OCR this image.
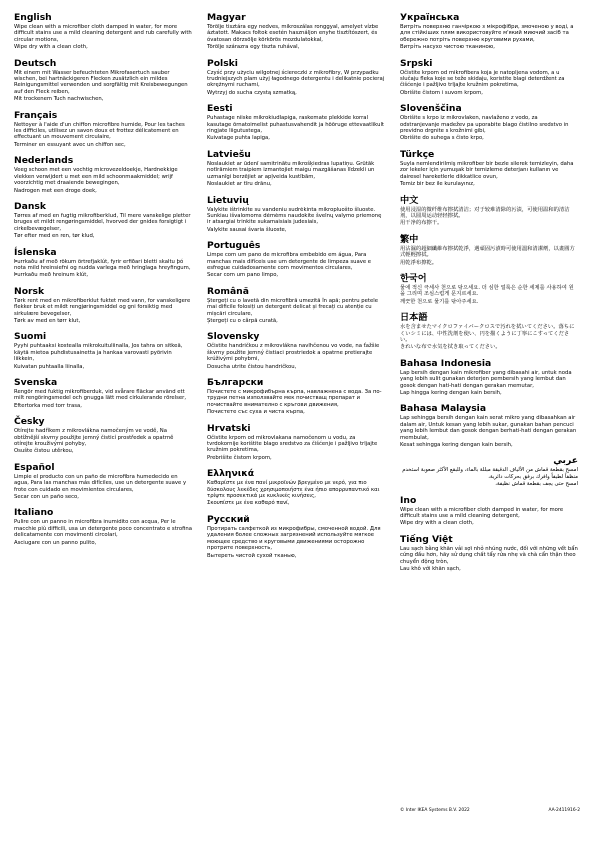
English
Wipe clean with a microfiber cloth damped in water, for more difficult stains use a mild cleaning detergent and rub carefully with circular motions,
Wipe dry with a clean cloth,
Deutsch
Mit einem mit Wasser befeuchteten Mikrofasertuch sauber wischen, bei hartnäckigeren Flecken zusätzlich ein mildes Reinigungsmittel verwenden und sorgfältig mit Kreisbewegungen auf den Fleck reiben,
Mit trockenem Tuch nachwischen,
Français
Nettoyer à l'aide d'un chiffon microfibre humide, Pour les taches les difficiles, utilisez un savon doux et frottez délicatement en effectuant un mouvement circulaire,
Terminer en essuyant avec un chiffon sec,
Nederlands
Veeg schoon met een vochtig microvezeldoekje, Hardnekkige vlekken verwijdert u met een mild schoonmaakmiddel; wrijf voorzichtig met draaiende bewegingen,
Nadrogen met een droge doek,
Dansk
Tørres af med en fugtig mikrofiberklud, Til mere vanskelige pletter bruges et mildt rengøringsmiddel, hvorved der gnides forsigtigt i cirkelbevægelser,
Tør efter med en ren, tør klud,
Íslenska
Þurrkaðu af með rökum örtrefjaklút, fyrir erfiðari bletti skaltu þó nota mild hreinsiefni og nudda varlega með hringlaga hreyfingum,
Þurrkaðu með hreinum klút,
Norsk
Tørk rent med en mikrofiberklut fuktet med vann, for vanskeligere flekker bruk et mildt rengjøringsmiddel og gni forsiktig med sirkulære bevegelser,
Tørk av med en tørr klut,
Suomi
Pyyhi puhtaaksi kostealla mikrokuituliinalla, Jos tahra on sitkeä, käytä mietoa puhdistusainetta ja hankaa varovasti pyörivin liikkein,
Kuivatan puhtaalla liinalla,
Svenska
Rengör med fuktig mikrofiberduk, vid svårare fläckar använd ett milt rengöringsmedel och gnugga lätt med cirkulerande rörelser,
Eftertorka med torr trasa,
Česky
Otírejte hadříkem z mikrovlákna namočeným ve vodě, Na obtížnější skvrny použijte jemný čisticí prostředek a opatrně otírejte krouživými pohyby,
Osušte čistou utěrkou,
Español
Limpie el producto con un paño de microfibra humedecido en agua, Para las manchas más difíciles, use un detergente suave y frote con cuidado en movimientos circulares,
Secar con un paño seco,
Italiano
Pulire con un panno in microfibra inumidito con acqua, Per le macchie più difficili, usa un detergente poco concentrato e strofina delicatamente con movimenti circolari,
Asciugare con un panno pulito,
Magyar
Törölje tisztára egy nedves, mikroszálas ronggyal, amelyet vízbe áztatott. Makacs foltok esetén használjon enyhe tisztítószert, és óvatosan dörzsölje körkörös mozdulatokkal,
Törölje szárazra egy tiszta ruhával,
Polski
Czyść przy użyciu wilgotnej ściereczki z mikrofibry, W przypadku trudniejszych plam użyj łagodnego detergentu i delikatnie pocieraj okrężnymi ruchami,
Wytrzyj do sucha czystą szmatką,
Eesti
Puhastage niiske mikrokiudlapiga, raskemate plekkide korral kasutage õrnatoimelist puhastusvahendit ja hõõruge ettevaatlikult ringjate liigutustega,
Kuivatage puhta lapiga,
Latviešu
Noslaukiet ar ūdenī samitrinātu mikrošķiedras lupatiņu. Grūtāk notīrāmiem traipiem izmantojiet maigu mazgāšanas līdzekli un uzmanīgi berzējiet ar apļveida kustībām,
Noslaukiet ar tīru drānu,
Lietuvių
Valykite ištrinkite su vandeniu sudrėkinta mikropluošto šluoste. Sunkiau išvalomoms dėmėms naudokite švelnų valymo priemonę ir atsargiai trinkite sukamaisiais judesiais,
Valykite sausai švaria šluoste,
Português
Limpe com um pano de microfibra embebido em água, Para manchas mais difíceis use um detergente de limpeza suave e esfregue cuidadosamente com movimentos circulares,
Secar com um pano limpo,
Română
Ștergeți cu o lavetă din microfibră umezită în apă; pentru petele mai dificile folosiți un detergent delicat și frecați cu atenție cu mișcări circulare,
Ștergeți cu o cârpă curată,
Slovensky
Očistite handričkou z mikrovlákna navlhčenou vo vode, na ťažšie škvrny použite jemný čistiaci prostriedok a opatrne pretierajte krúživými pohybmi,
Dosucha utrite čistou handričkou,
Български
Почистете с микрофибърна кърпа, навлажнена с вода. За по-трудни петна използвайте мек почистващ препарат и почиствайте внимателно с кръгови движения,
Почистете със суха и чиста кърпа,
Hrvatski
Očistite krpom od mikrovlakana namočenom u vodu, za tvrdokornije korištite blago sredstvo za čišćenje i pažljivo trljajte kružnim pokretima,
Prebrišite čistom krpom,
Ελληνικά
Καθαρίστε με ένα πανί μικροϊνών βρεγμένο με νερό, για πιο δύσκολους λεκέδες χρησιμοποιήστε ένα ήπιο απορρυπαντικό και τρίψτε προσεκτικά με κυκλικές κινήσεις,
Σκουπίστε με ένα καθαρό πανί,
Русский
Протирать салфеткой из микрофибры, смоченной водой. Для удаления более сложных загрязнений используйте мягкое моющее средство и круговыми движениями осторожно протрите поверхность,
Вытереть чистой сухой тканью,
Українська
Витріть поверхню ганчіркою з мікрофібри, змоченою у воді, а для стійкіших плям використовуйте м'який миючий засіб та обережно потріть поверхню круговими рухами,
Витрі́ть насухо чистою тканиною,
Srpski
Očistite krpom od mikrofibera koja je natopljena vodom, a u slučaju fleka koje se teže skidaju, koristite blagi deterdžent za čišćenje i pažljivo trljajte kružnim pokretima,
Obrišite čistom i suvom krpom,
Slovenščina
Obrišite s krpo iz mikrovlaken, navlaženo z vodo, za odstranjevanje madežev pa uporabite blago čistilno sredstvo in previdno drgnite s krožnimi gibi,
Obrišite do suhega s čisto krpo,
Türkçe
Suyla nemlendirilmiş mikrofiber bir bezle silerek temizleyin, daha zor lekeler için yumuşak bir temizleme deterjanı kullanın ve dairesel hareketlerle dikkatlice ovun,
Temiz bir bez ile kurulayınız,
中文
使用浸湿的微纤维布擦拭清洁；对于较难清除的污渍，可使用温和的清洁剂，以圆周运动轻轻擦拭。
用干净的布擦干。
繁中
用沾濕的超細纖維布擦拭乾淨，遇頑固污漬時可使用溫和清潔劑，以畫圓方式輕輕擦拭。
用乾淨布擦乾。
한국어
물에 적신 극세사 천으로 닦으세요. 더 심한 얼룩은 순한 세제를 사용하여 원을 그리며 조심스럽게 문지르세요.
깨끗한 천으로 물기를 닦아주세요.
日本語
水を含ませたマイクロファイバークロスで汚れを拭いてください。落ちにくいシミには、中性洗剤を使い、円を描くように丁寧にこすってください。
きれいな布で水気を拭き取ってください。
Bahasa Indonesia
Lap bersih dengan kain mikrofiber yang dibasahi air, untuk noda yang lebih sulit gunakan deterjen pembersih yang lembut dan gosok dengan hati-hati dengan gerakan memutar,
Lap hingga kering dengan kain bersih,
Bahasa Malaysia
Lap sehingga bersih dengan kain serat mikro yang dibasahkan air dalam air, Untuk kesan yang lebih sukar, gunakan bahan pencuci yang lebih lembut dan gosok dengan berhati-hati dengan gerakan membulat,
Kesat sehingga kering dengan kain bersih,
عربي
امسح بقطعة قماش من الألياف الدقيقة مبللة بالماء، وللبقع الأكثر صعوبة استخدم منظفاً لطيفاً وافرك برفق بحركات دائرية،
امسح حتى يجف بقطعة قماش نظيفة،
Ino
Wipe clean with a microfiber cloth damped in water, for more difficult stains use a mild cleaning detergent,
Wipe dry with a clean cloth,
Tiếng Việt
Lau sạch bằng khăn vải sợi nhỏ nhúng nước, đối với những vết bẩn cứng đầu hơn, hãy sử dụng chất tẩy rửa nhẹ và chà cẩn thận theo chuyển động tròn,
Lau khô với khăn sạch,
© Inter IKEA Systems B.V. 2022	AA-2411916-2
